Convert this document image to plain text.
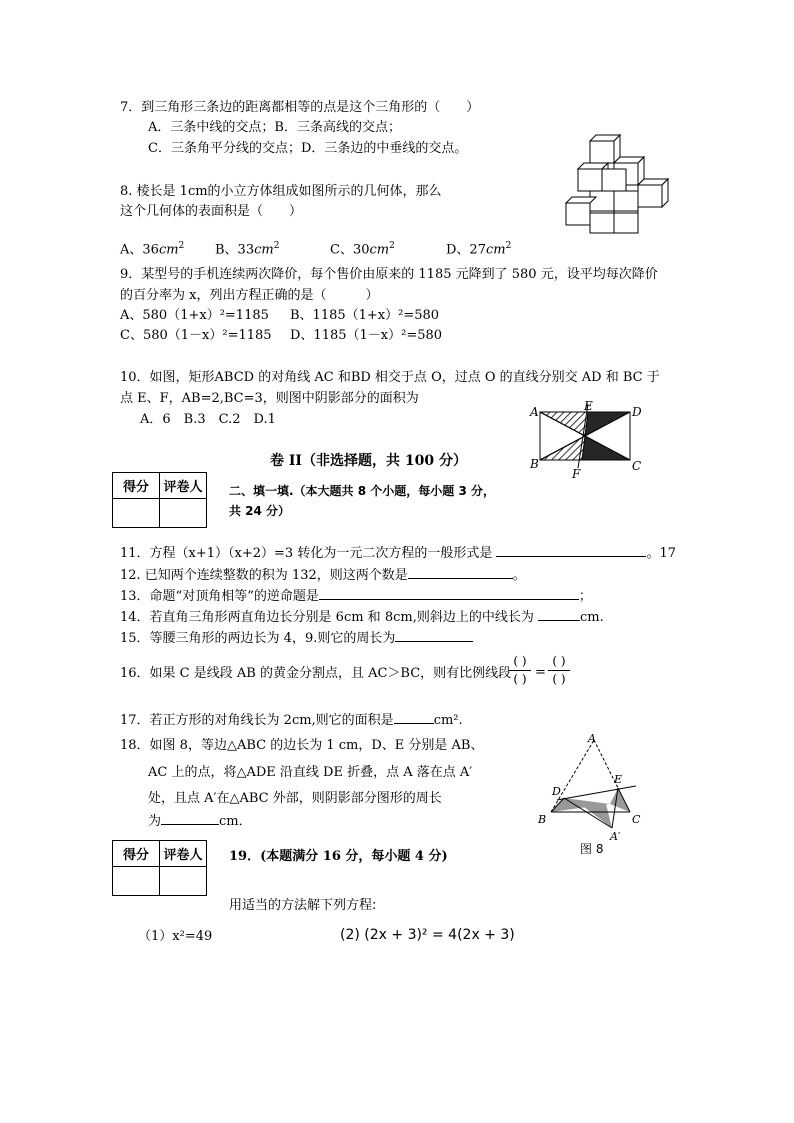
7．到三角形三条边的距离都相等的点是这个三角形的（　　）
A．三条中线的交点；B．三条高线的交点；
C．三条角平分线的交点；D．三条边的中垂线的交点。
8. 棱长是 1cm的小立方体组成如图所示的几何体，那么
这个几何体的表面积是（　　）
A、$36cm^2$ B、$33cm^2$	C、$30cm^2$	D、$27cm^2$
9．某型号的手机连续两次降价，每个售价由原来的 1185 元降到了 580 元，设平均每次降价
的百分率为 x，列出方程正确的是（　　　）
A、580（1+x）²=1185 B、1185（1+x）²=580
C、580（1－x）²=1185 D、1185（1－x）²=580
10．如图，矩形ABCD 的对角线 AC 和BD 相交于点 O，过点 O 的直线分别交 AD 和 BC 于
点 E、F，AB=2,BC=3，则图中阴影部分的面积为
A．6　B.3　C.2　D.1	A	E	D
B	C
F
卷 II（非选择题，共 100 分）
得分	评卷人
	二、填一填.（本大题共 8 个小题，每小题 3 分，
共 24 分）
11．方程（x+1）（x+2）=3 转化为一元二次方程的一般形式是	。17
12. 已知两个连续整数的积为 132，则这两个数是	。
13．命题“对顶角相等”的逆命题是	；
14．若直角三角形两直角边长分别是 6cm 和 8cm,则斜边上的中线长为	cm.
15．等腰三角形的两边长为 4，9.则它的周长为
16．如果 C 是线段 AB 的黄金分割点，且 AC＞BC，则有比例线段
( )
( ) =
( )
( )
17．若正方形的对角线长为 2cm,则它的面积是	cm².
18．如图 8，等边△ABC 的边长为 1 cm，D、E 分别是 AB、
AC 上的点，将△ADE 沿直线 DE 折叠，点 A 落在点 A′
处，且点 A′在△ABC 外部，则阴影部分图形的周长
为	cm．
A
D
E
B	C
A′
图 8
得分	评卷人
	19．(本题满分 16 分，每小题 4 分)
用适当的方法解下列方程:
（1）x²=49	(2) (2x + 3)² = 4(2x + 3)
